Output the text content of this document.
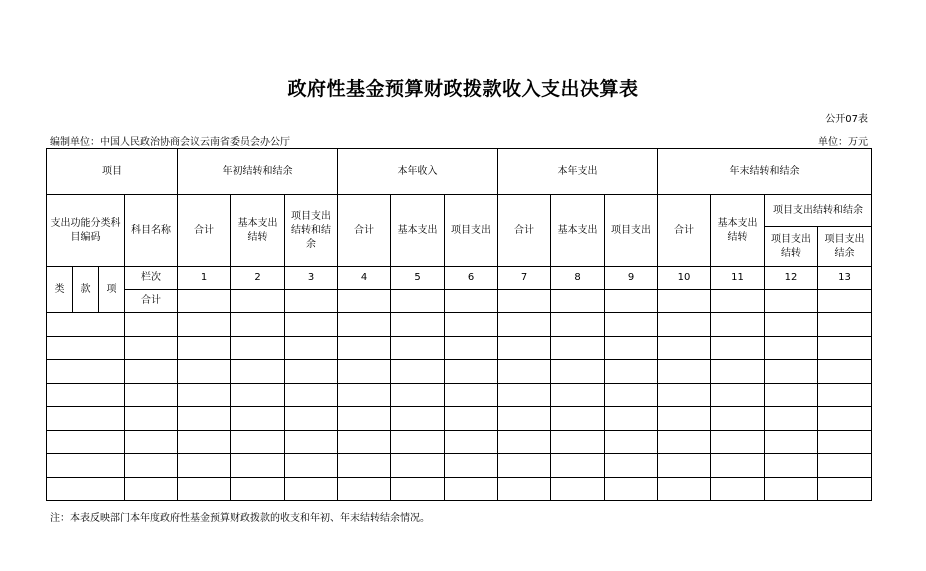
政府性基金预算财政拨款收入支出决算表
公开07表
编制单位：中国人民政治协商会议云南省委员会办公厅	单位：万元
项目				年初结转和结余			本年收入			本年支出			年末结转和结余			
支出功能分类科目编码			科目名称	合计	基本支出结转	项目支出结转和结余	合计	基本支出	项目支出	合计	基本支出	项目支出	合计	基本支出结转	项目支出结转和结余	
															项目支出结转	项目支出结余
类	款	项	栏次	1	2	3	4	5	6	7	8	9	10	11	12	13
			合计													

注：本表反映部门本年度政府性基金预算财政拨款的收支和年初、年末结转结余情况。
